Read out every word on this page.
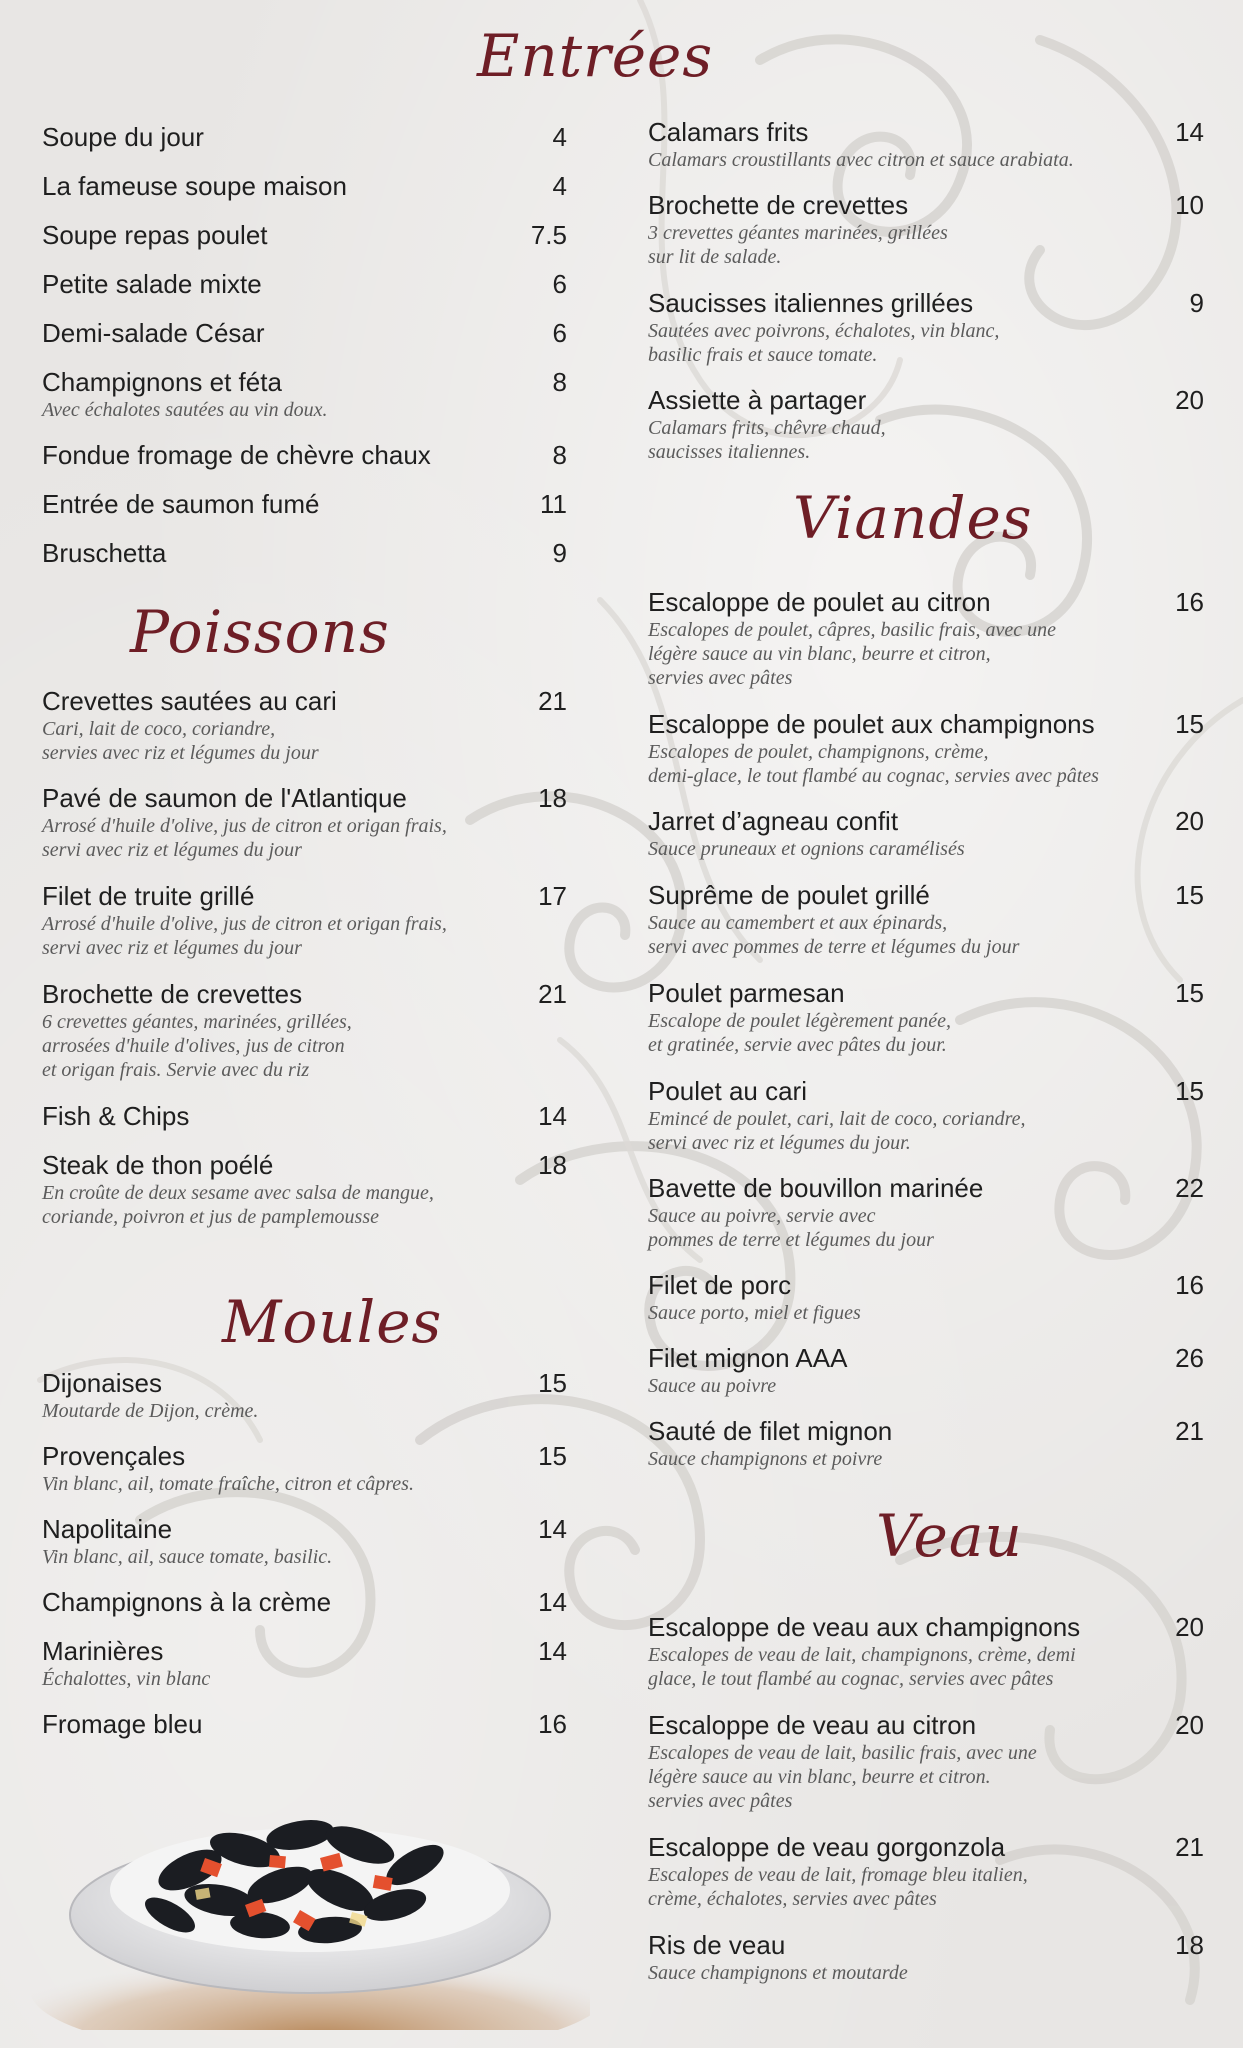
Entrées
Soupe du jour	4
La fameuse soupe maison	4
Soupe repas poulet	7.5
Petite salade mixte	6
Demi-salade César	6
Champignons et féta	8
Avec échalotes sautées au vin doux.
Fondue fromage de chèvre chaux	8
Entrée de saumon fumé	11
Bruschetta	9
Poissons
Crevettes sautées au cari	21
Cari, lait de coco, coriandre,
servies avec riz et légumes du jour
Pavé de saumon de l'Atlantique	18
Arrosé d'huile d'olive, jus de citron et origan frais,
servi avec riz et légumes du jour
Filet de truite grillé	17
Arrosé d'huile d'olive, jus de citron et origan frais,
servi avec riz et légumes du jour
Brochette de crevettes	21
6 crevettes géantes, marinées, grillées,
arrosées d'huile d'olives, jus de citron
et origan frais. Servie avec du riz
Fish & Chips	14
Steak de thon poélé	18
En croûte de deux sesame avec salsa de mangue,
coriande, poivron et jus de pamplemousse
Moules
Dijonaises	15
Moutarde de Dijon, crème.
Provençales	15
Vin blanc, ail, tomate fraîche, citron et câpres.
Napolitaine	14
Vin blanc, ail, sauce tomate, basilic.
Champignons à la crème	14
Marinières	14
Échalottes, vin blanc
Fromage bleu	16
Calamars frits	14
Calamars croustillants avec citron et sauce arabiata.
Brochette de crevettes	10
3 crevettes géantes marinées, grillées
sur lit de salade.
Saucisses italiennes grillées	9
Sautées avec poivrons, échalotes, vin blanc,
basilic frais et sauce tomate.
Assiette à partager	20
Calamars frits, chêvre chaud,
saucisses italiennes.
Viandes
Escaloppe de poulet au citron	16
Escalopes de poulet, câpres, basilic frais, avec une
légère sauce au vin blanc, beurre et citron,
servies avec pâtes
Escaloppe de poulet aux champignons	15
Escalopes de poulet, champignons, crème,
demi-glace, le tout flambé au cognac, servies avec pâtes
Jarret d’agneau confit	20
Sauce pruneaux et ognions caramélisés
Suprême de poulet grillé	15
Sauce au camembert et aux épinards,
servi avec pommes de terre et légumes du jour
Poulet parmesan	15
Escalope de poulet légèrement panée,
et gratinée, servie avec pâtes du jour.
Poulet au cari	15
Emincé de poulet, cari, lait de coco, coriandre,
servi avec riz et légumes du jour.
Bavette de bouvillon marinée	22
Sauce au poivre, servie avec
pommes de terre et légumes du jour
Filet de porc	16
Sauce porto, miel et figues
Filet mignon AAA	26
Sauce au poivre
Sauté de filet mignon	21
Sauce champignons et poivre
Veau
Escaloppe de veau aux champignons	20
Escalopes de veau de lait, champignons, crème, demi
glace, le tout flambé au cognac, servies avec pâtes
Escaloppe de veau au citron	20
Escalopes de veau de lait, basilic frais, avec une
légère sauce au vin blanc, beurre et citron.
servies avec pâtes
Escaloppe de veau gorgonzola	21
Escalopes de veau de lait, fromage bleu italien,
crème, échalotes, servies avec pâtes
Ris de veau	18
Sauce champignons et moutarde
